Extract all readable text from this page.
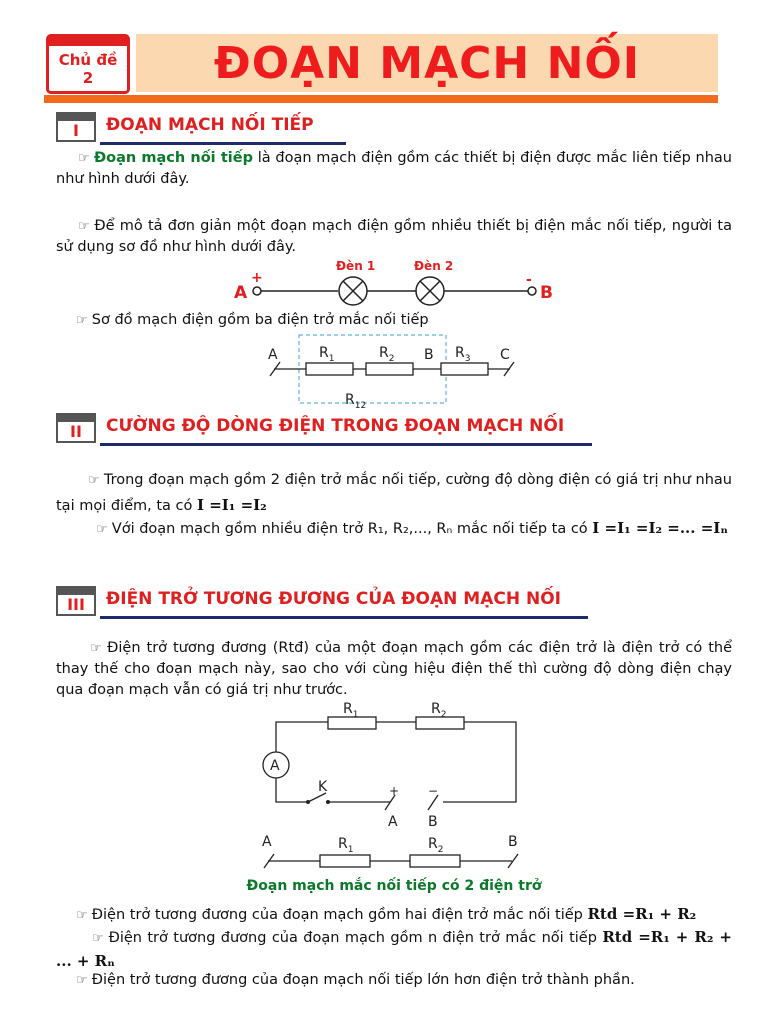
Chủ đề
2	ĐOẠN MẠCH NỐI
I	ĐOẠN MẠCH NỐI TIẾP

☞ Đoạn mạch nối tiếp là đoạn mạch điện gồm các thiết bị điện được mắc liên tiếp nhau như hình dưới đây.

☞ Để mô tả đơn giản một đoạn mạch điện gồm nhiều thiết bị điện mắc nối tiếp, người ta sử dụng sơ đồ như hình dưới đây.

A
+
Đèn 1	Đèn 2
-
B

☞ Sơ đồ mạch điện gồm ba điện trở mắc nối tiếp

A	$R_1$	$R_2$ B $R_3$ C
$R_{12}$
II	CƯỜNG ĐỘ DÒNG ĐIỆN TRONG ĐOẠN MẠCH NỐI

☞ Trong đoạn mạch gồm 2 điện trở mắc nối tiếp, cường độ dòng điện có giá trị như nhau tại mọi điểm, ta có I =I₁ =I₂

☞ Với đoạn mạch gồm nhiều điện trở R₁, R₂,..., Rₙ mắc nối tiếp ta có I =I₁ =I₂ =... =Iₙ

III	ĐIỆN TRỞ TƯƠNG ĐƯƠNG CỦA ĐOẠN MẠCH NỐI

☞ Điện trở tương đương (Rtđ) của một đoạn mạch gồm các điện trở là điện trở có thể thay thế cho đoạn mạch này, sao cho với cùng hiệu điện thế thì cường độ dòng điện chạy qua đoạn mạch vẫn có giá trị như trước.

$R_1$	$R_2$
A
K	+
A
−
B
A	$R_1$	$R_2$	B
Đoạn mạch mắc nối tiếp có 2 điện trở

☞ Điện trở tương đương của đoạn mạch gồm hai điện trở mắc nối tiếp Rtd =R₁ + R₂

☞ Điện trở tương đương của đoạn mạch gồm n điện trở mắc nối tiếp Rtd =R₁ + R₂ + ... + Rₙ

☞ Điện trở tương đương của đoạn mạch nối tiếp lớn hơn điện trở thành phần.
